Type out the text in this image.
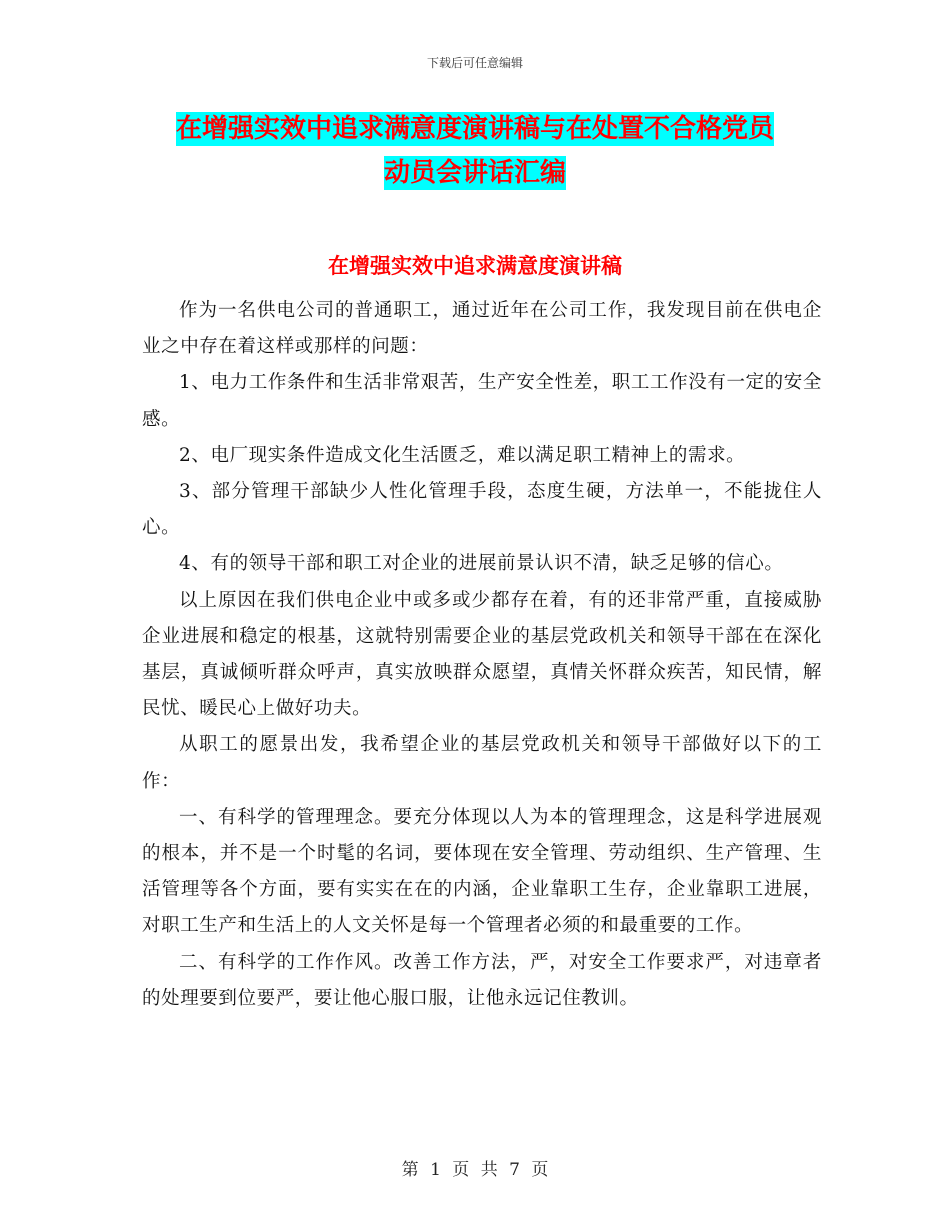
下载后可任意编辑
在增强实效中追求满意度演讲稿与在处置不合格党员
动员会讲话汇编
在增强实效中追求满意度演讲稿

作为一名供电公司的普通职工，通过近年在公司工作，我发现目前在供电企业之中存在着这样或那样的问题：

1、电力工作条件和生活非常艰苦，生产安全性差，职工工作没有一定的安全感。

2、电厂现实条件造成文化生活匮乏，难以满足职工精神上的需求。

3、部分管理干部缺少人性化管理手段，态度生硬，方法单一，不能拢住人心。

4、有的领导干部和职工对企业的进展前景认识不清，缺乏足够的信心。

以上原因在我们供电企业中或多或少都存在着，有的还非常严重，直接威胁企业进展和稳定的根基，这就特别需要企业的基层党政机关和领导干部在在深化基层，真诚倾听群众呼声，真实放映群众愿望，真情关怀群众疾苦，知民情，解民忧、暖民心上做好功夫。

从职工的愿景出发，我希望企业的基层党政机关和领导干部做好以下的工作：

一、有科学的管理理念。要充分体现以人为本的管理理念，这是科学进展观的根本，并不是一个时髦的名词，要体现在安全管理、劳动组织、生产管理、生活管理等各个方面，要有实实在在的内涵，企业靠职工生存，企业靠职工进展，对职工生产和生活上的人文关怀是每一个管理者必须的和最重要的工作。

二、有科学的工作作风。改善工作方法，严，对安全工作要求严，对违章者的处理要到位要严，要让他心服口服，让他永远记住教训。

第 1 页 共 7 页
